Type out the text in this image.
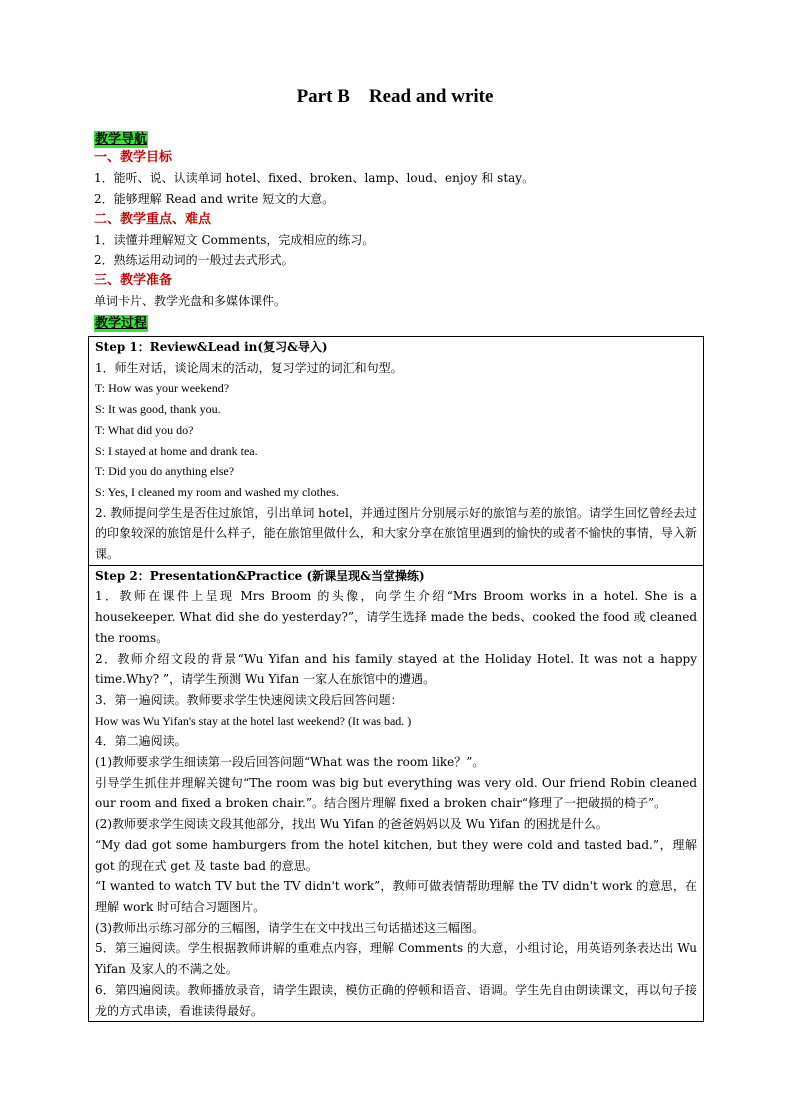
Part B    Read and write
教学导航
一、教学目标
1．能听、说、认读单词 hotel、fixed、broken、lamp、loud、enjoy 和 stay。
2．能够理解 Read and write 短文的大意。
二、教学重点、难点
1．读懂并理解短文 Comments，完成相应的练习。
2．熟练运用动词的一般过去式形式。
三、教学准备
单词卡片、教学光盘和多媒体课件。
教学过程
Step 1：Review&Lead in(复习&导入)
1．师生对话，谈论周末的活动，复习学过的词汇和句型。
T: How was your weekend?
S: It was good, thank you.
T: What did you do?
S: I stayed at home and drank tea.
T: Did you do anything else?
S: Yes, I cleaned my room and washed my clothes.
2. 教师提问学生是否住过旅馆，引出单词 hotel，并通过图片分别展示好的旅馆与差的旅馆。请学生回忆曾经去过的印象较深的旅馆是什么样子，能在旅馆里做什么，和大家分享在旅馆里遇到的愉快的或者不愉快的事情，导入新课。
Step 2：Presentation&Practice (新课呈现&当堂操练)
1．教师在课件上呈现 Mrs Broom 的头像，向学生介绍“Mrs Broom works in a hotel. She is a housekeeper. What did she do yesterday?”，请学生选择 made the beds、cooked the food 或 cleaned the rooms。
2．教师介绍文段的背景“Wu Yifan and his family stayed at the Holiday Hotel. It was not a happy time.Why? ”，请学生预测 Wu Yifan 一家人在旅馆中的遭遇。
3．第一遍阅读。教师要求学生快速阅读文段后回答问题：
How was Wu Yifan's stay at the hotel last weekend? (It was bad. )
4．第二遍阅读。
(1)教师要求学生细读第一段后回答问题“What was the room like？”。
引导学生抓住并理解关键句“The room was big but everything was very old. Our friend Robin cleaned our room and fixed a broken chair.”。结合图片理解 fixed a broken chair“修理了一把破损的椅子”。
(2)教师要求学生阅读文段其他部分，找出 Wu Yifan 的爸爸妈妈以及 Wu Yifan 的困扰是什么。
“My dad got some hamburgers from the hotel kitchen, but they were cold and tasted bad.”，理解 got 的现在式 get 及 taste bad 的意思。
“I wanted to watch TV but the TV didn't work”，教师可做表情帮助理解 the TV didn't work 的意思，在理解 work 时可结合习题图片。
(3)教师出示练习部分的三幅图，请学生在文中找出三句话描述这三幅图。
5．第三遍阅读。学生根据教师讲解的重难点内容，理解 Comments 的大意，小组讨论，用英语列条表达出 Wu Yifan 及家人的不满之处。
6．第四遍阅读。教师播放录音，请学生跟读，模仿正确的停顿和语音、语调。学生先自由朗读课文，再以句子接龙的方式串读，看谁读得最好。
